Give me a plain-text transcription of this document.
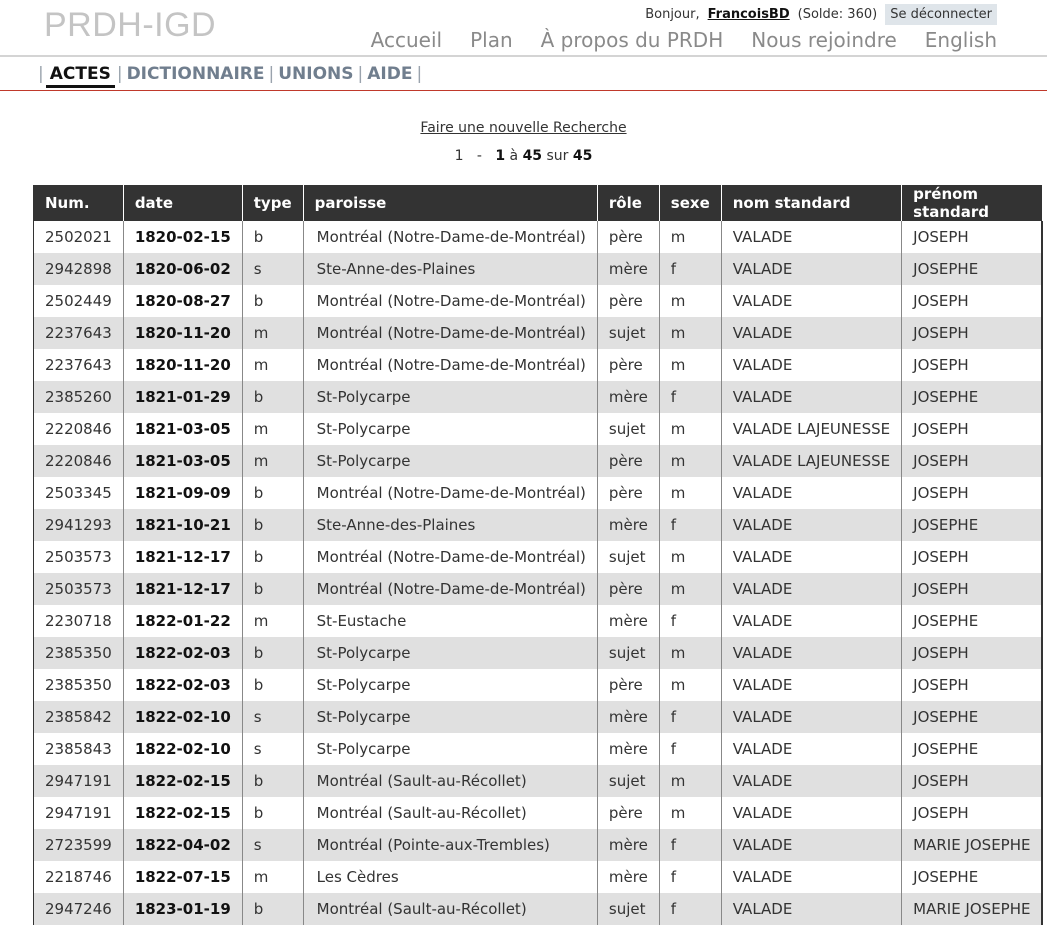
PRDH-IGD	Bonjour, FrancoisBD (Solde: 360)	Se déconnecter
Accueil Plan À propos du PRDH Nous rejoindre English
| ACTES | DICTIONNAIRE | UNIONS | AIDE |
Faire une nouvelle Recherche
1 - 1 à 45 sur 45
Num.	date	type	paroisse	rôle	sexe	nom standard	prénom standard
2502021	1820-02-15	b	Montréal (Notre-Dame-de-Montréal)	père	m	VALADE	JOSEPH
2942898	1820-06-02	s	Ste-Anne-des-Plaines	mère	f	VALADE	JOSEPHE
2502449	1820-08-27	b	Montréal (Notre-Dame-de-Montréal)	père	m	VALADE	JOSEPH
2237643	1820-11-20	m	Montréal (Notre-Dame-de-Montréal)	sujet	m	VALADE	JOSEPH
2237643	1820-11-20	m	Montréal (Notre-Dame-de-Montréal)	père	m	VALADE	JOSEPH
2385260	1821-01-29	b	St-Polycarpe	mère	f	VALADE	JOSEPHE
2220846	1821-03-05	m	St-Polycarpe	sujet	m	VALADE LAJEUNESSE	JOSEPH
2220846	1821-03-05	m	St-Polycarpe	père	m	VALADE LAJEUNESSE	JOSEPH
2503345	1821-09-09	b	Montréal (Notre-Dame-de-Montréal)	père	m	VALADE	JOSEPH
2941293	1821-10-21	b	Ste-Anne-des-Plaines	mère	f	VALADE	JOSEPHE
2503573	1821-12-17	b	Montréal (Notre-Dame-de-Montréal)	sujet	m	VALADE	JOSEPH
2503573	1821-12-17	b	Montréal (Notre-Dame-de-Montréal)	père	m	VALADE	JOSEPH
2230718	1822-01-22	m	St-Eustache	mère	f	VALADE	JOSEPHE
2385350	1822-02-03	b	St-Polycarpe	sujet	m	VALADE	JOSEPH
2385350	1822-02-03	b	St-Polycarpe	père	m	VALADE	JOSEPH
2385842	1822-02-10	s	St-Polycarpe	mère	f	VALADE	JOSEPHE
2385843	1822-02-10	s	St-Polycarpe	mère	f	VALADE	JOSEPHE
2947191	1822-02-15	b	Montréal (Sault-au-Récollet)	sujet	m	VALADE	JOSEPH
2947191	1822-02-15	b	Montréal (Sault-au-Récollet)	père	m	VALADE	JOSEPH
2723599	1822-04-02	s	Montréal (Pointe-aux-Trembles)	mère	f	VALADE	MARIE JOSEPHE
2218746	1822-07-15	m	Les Cèdres	mère	f	VALADE	JOSEPHE
2947246	1823-01-19	b	Montréal (Sault-au-Récollet)	sujet	f	VALADE	MARIE JOSEPHE
